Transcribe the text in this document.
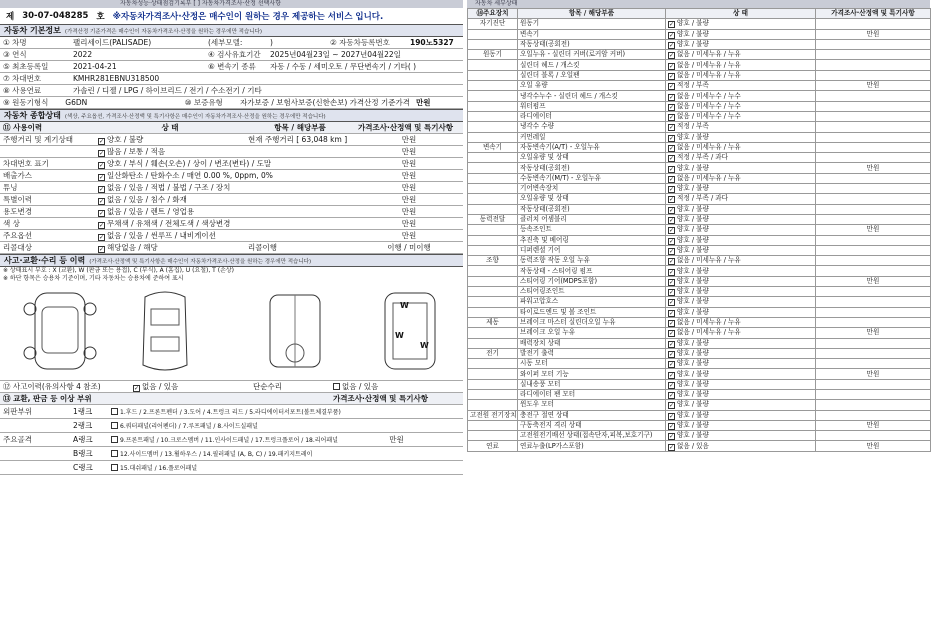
자동차성능·상태점검기록부 [ ] 자동차가격조사·산정 선택사항
제 30-07-048285 호 ※자동차가격조사·산정은 매수인이 원하는 경우 제공하는 서비스 입니다.
자동차 기본정보 (가격산정 기준가격은 매수인이 자동차가격조사·산정을 원하는 경우에만 적습니다)
① 차명	팰리세이드(PALISADE)	(세부모델:	)	② 자동차등록번호	190노5327
③ 연식	2022	④ 검사유효기간	2025년04월23일 ~ 2027년04월22일
⑤ 최초등록일	2021-04-21	⑥ 변속기 종류	자동 / 수동 / 세미오토 / 무단변속기 / 기타( )
⑦ 차대번호	KMHR281EBNU318500
⑧ 사용연료	가솔린 / 디젤 / LPG / 하이브리드 / 전기 / 수소전기 / 기타
⑨ 원동기형식	G6DN	⑩ 보증유형	자가보증 / 보험사보증(신한손보) 가격산정 기준가격 만원
자동차 종합상태 (색상, 주요옵션, 가격조사·산정액 및 특기사항은 매수인이 자동차가격조사·산정을 원하는 경우에만 적습니다)
⑪ 사용이력	상 태	항목 / 해당부품	가격조사·산정액 및 특기사항
주행거리 및 계기상태 ✓	양호 / 불량	현재 주행거리 [ 63,048 km ]	만원
✓많음 / 보통 / 적음	만원
차대번호 표기 ✓	양호 / 부식 / 훼손(오손) / 상이 / 변조(변타) / 도말	만원
배출가스 ✓	일산화탄소 / 탄화수소 / 매연 0.00 %, 0ppm, 0%	만원
튜닝 ✓	없음 / 있음 / 적법 / 불법 / 구조 / 장치	만원
특별이력 ✓	없음 / 있음 / 침수 / 화재	만원
용도변경 ✓	없음 / 있음 / 렌트 / 영업용	만원
색 상 ✓	무채색 / 유채색 / 전체도색 / 색상변경	만원
주요옵션 ✓	없음 / 있음 / 썬루프 / 내비게이션	만원
리콜대상 ✓	해당없음 / 해당	리콜이행	이행 / 미이행
사고·교환·수리 등 이력 (가격조사·산정액 및 특기사항은 매수인이 자동차가격조사·산정을 원하는 경우에만 적습니다)
※ 상태표시 부호 : X (교환), W (판금 또는 용접), C (부식), A (흠집), U (요철), T (손상)
※ 하단 항목은 승용차 기준이며, 기타 자동차는 승용차에 준하여 표시
W
W
W
⑫ 사고이력(유의사항 4 참조) ✓	없음 / 있음	단순수리	없음 / 있음
⑬ 교환, 판금 등 이상 부위	가격조사·산정액 및 특기사항
외판부위	1랭크	1.후드 / 2.프론트펜더 / 3.도어 / 4.트렁크 리드 / 5.라디에이터서포트(볼트체결부품)
2랭크	6.쿼터패널(리어펜더) / 7.루프패널 / 8.사이드실패널
주요골격	A랭크	9.프론트패널 / 10.크로스멤버 / 11.인사이드패널 / 17.트렁크플로어 / 18.리어패널	만원
B랭크	12.사이드멤버 / 13.휠하우스 / 14.필러패널 (A, B, C) / 19.패키지트레이
C랭크	15.대쉬패널 / 16.플로어패널
자동차 세부상태
⑭주요장치	항목 / 해당부품	상 태	가격조사·산정액 및 특기사항
자기진단	원동기	✓양호 / 불량	
	변속기	✓양호 / 불량	만원
	작동상태(공회전)	✓양호 / 불량	
원동기	오일누유 - 실린더 커버(로커암 커버)	✓없음 / 미세누유 / 누유	
	실린더 헤드 / 개스킷	✓없음 / 미세누유 / 누유	
	실린더 블록 / 오일팬	✓없음 / 미세누유 / 누유	
	오일 유량	✓적정 / 부족	만원
	냉각수누수 - 실린더 헤드 / 개스킷	✓없음 / 미세누수 / 누수	
	워터펌프	✓없음 / 미세누수 / 누수	
	라디에이터	✓없음 / 미세누수 / 누수	
	냉각수 수량	✓적정 / 부족	
	커먼레일	✓양호 / 불량	
변속기	자동변속기(A/T) - 오일누유	✓없음 / 미세누유 / 누유	
	오일유량 및 상태	✓적정 / 부족 / 과다	
	작동상태(공회전)	✓양호 / 불량	만원
	수동변속기(M/T) - 오일누유	✓없음 / 미세누유 / 누유	
	기어변속장치	✓양호 / 불량	
	오일유량 및 상태	✓적정 / 부족 / 과다	
	작동상태(공회전)	✓양호 / 불량	
동력전달	클러치 어셈블리	✓양호 / 불량	
	등속조인트	✓양호 / 불량	만원
	추진축 및 베어링	✓양호 / 불량	
	디퍼렌셜 기어	✓양호 / 불량	
조향	동력조향 작동 오일 누유	✓없음 / 미세누유 / 누유	
	작동상태 - 스티어링 펌프	✓양호 / 불량	
	스티어링 기어(MDPS포함)	✓양호 / 불량	만원
	스티어링조인트	✓양호 / 불량	
	파워고압호스	✓양호 / 불량	
	타이로드엔드 및 볼 조인트	✓양호 / 불량	
제동	브레이크 마스터 실린더오일 누유	✓없음 / 미세누유 / 누유	
	브레이크 오일 누유	✓없음 / 미세누유 / 누유	만원
	배력장치 상태	✓양호 / 불량	
전기	발전기 출력	✓양호 / 불량	
	시동 모터	✓양호 / 불량	
	와이퍼 모터 기능	✓양호 / 불량	만원
	실내송풍 모터	✓양호 / 불량	
	라디에이터 팬 모터	✓양호 / 불량	
	윈도우 모터	✓양호 / 불량	
고전원 전기장치	충전구 절연 상태	✓양호 / 불량	
	구동축전지 격리 상태	✓양호 / 불량	만원
	고전원전기배선 상태(접속단자,피복,보호기구)	✓양호 / 불량	
연료	연료누출(LP가스포함)	✓없음 / 있음	만원
